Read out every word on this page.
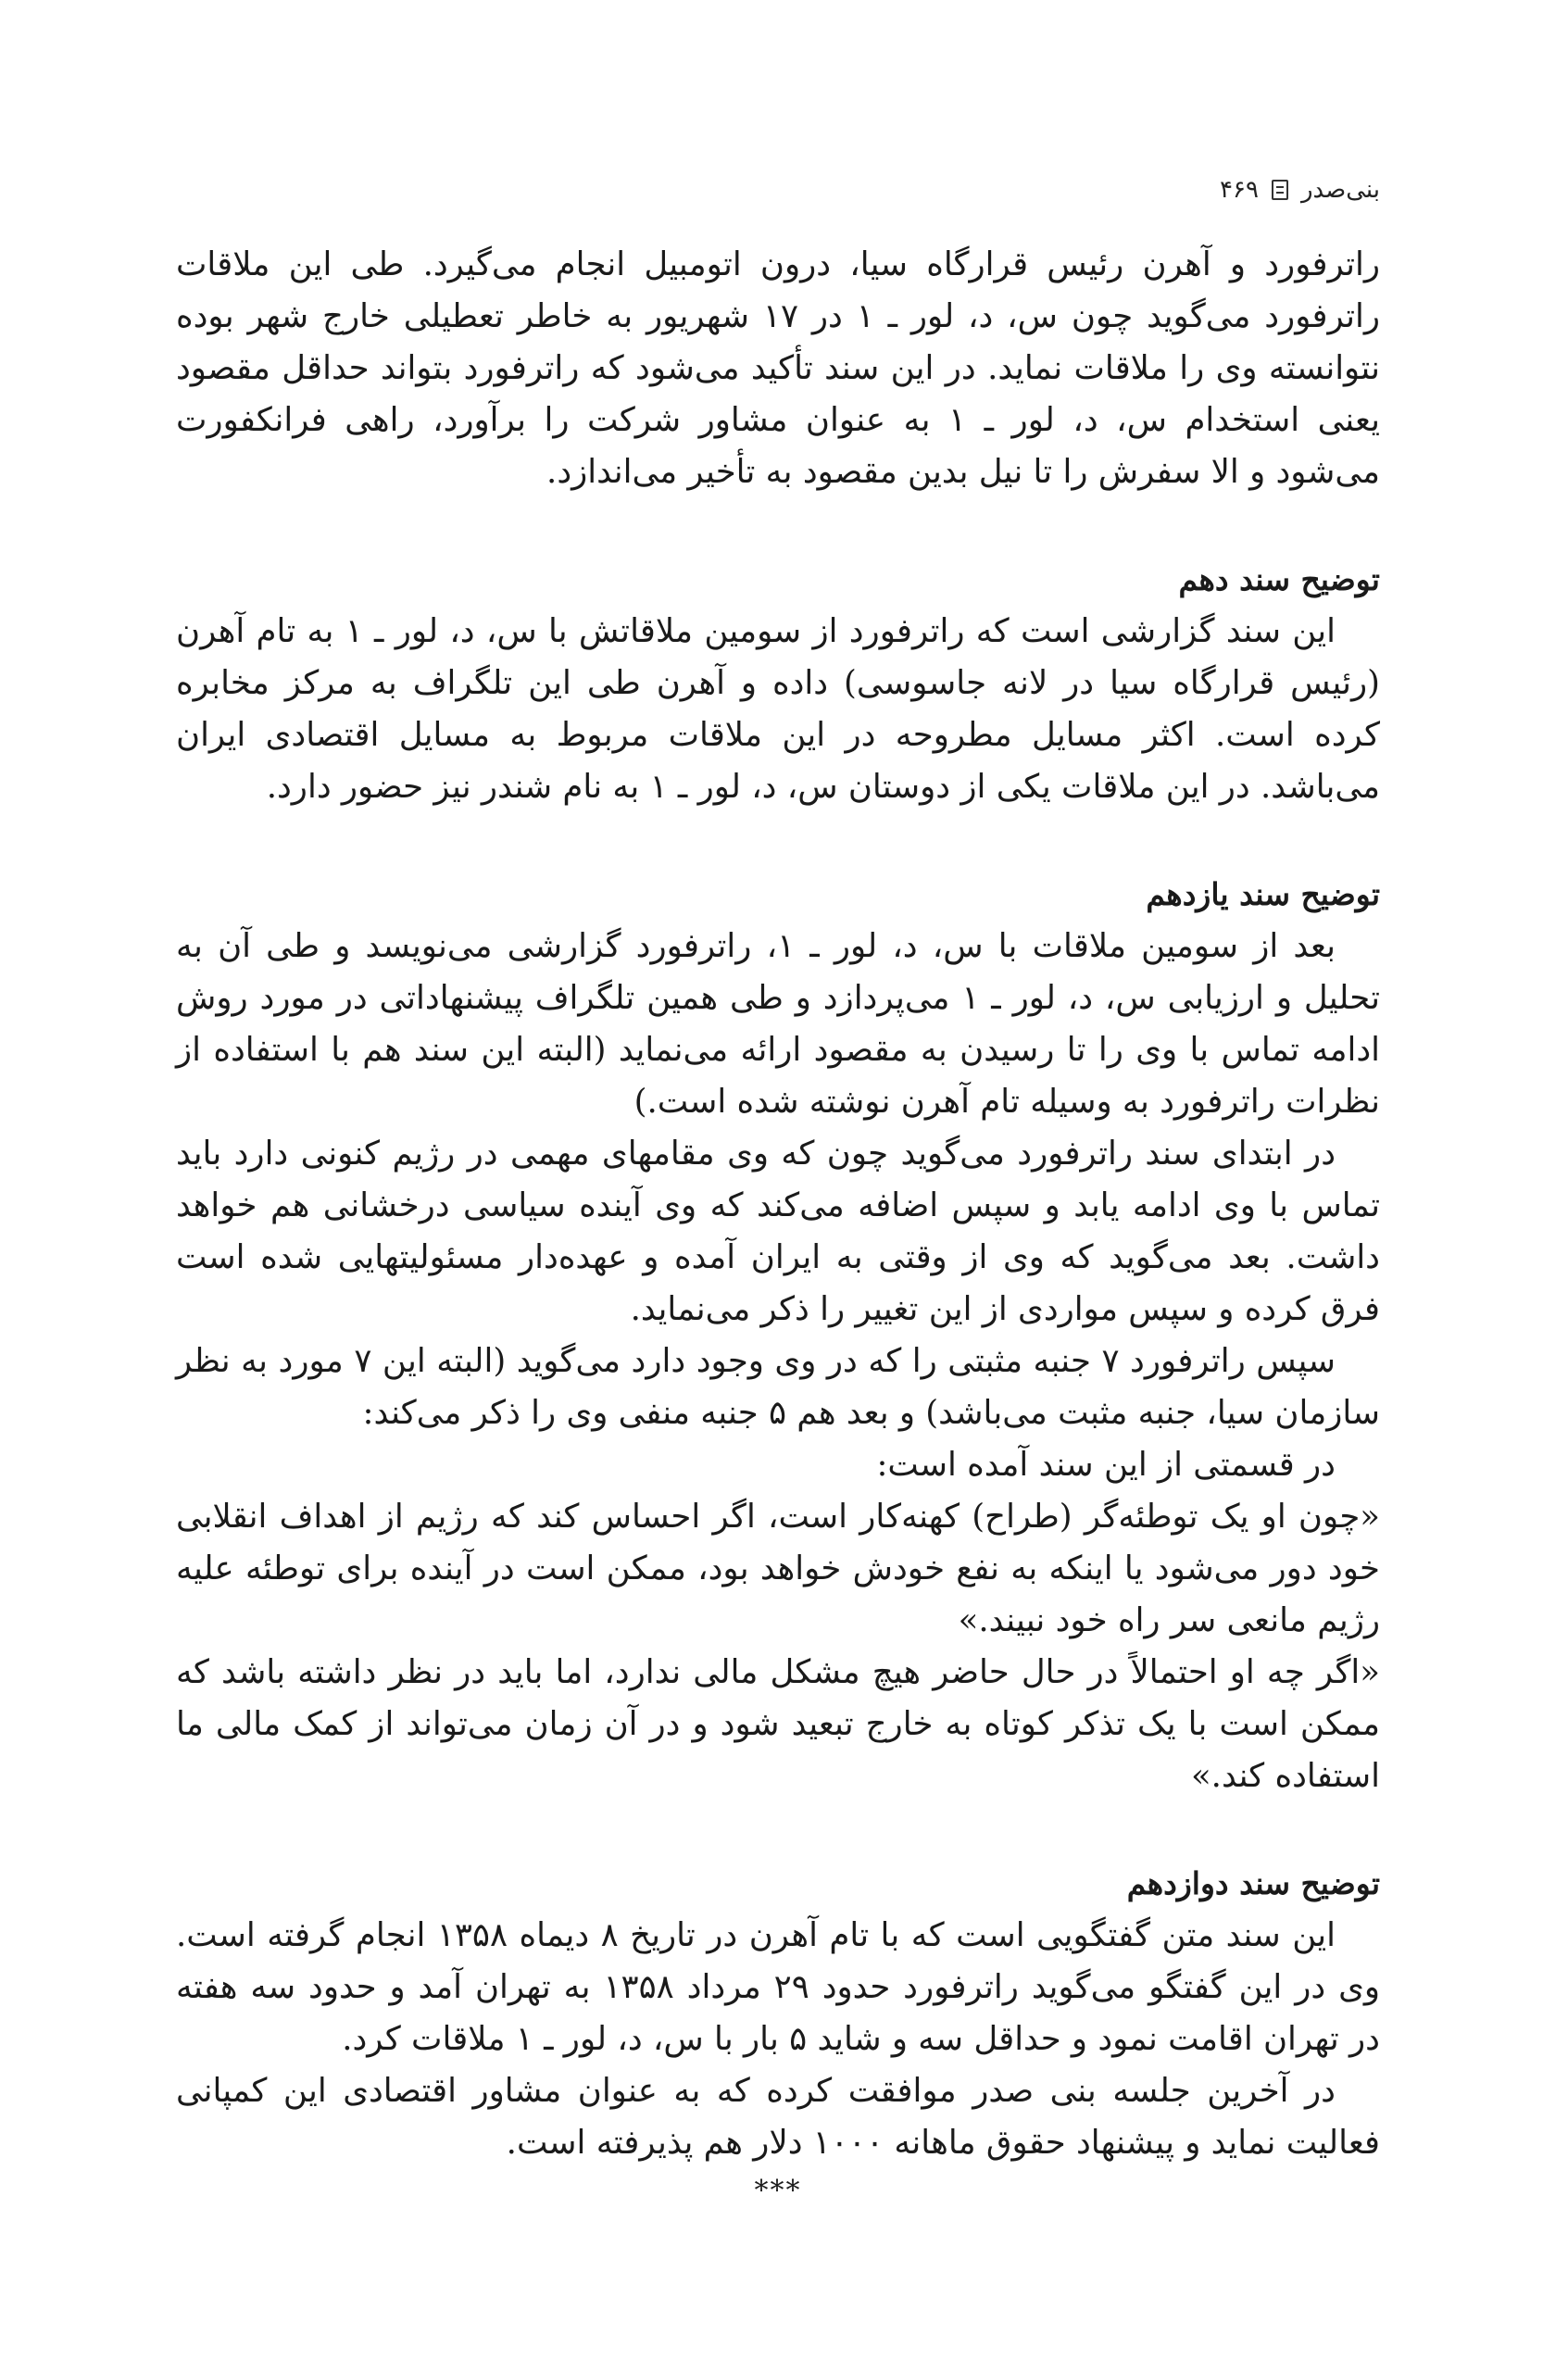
بنی‌صدر
۴۶۹

راترفورد و آهرن رئیس قرارگاه سیا، درون اتومبیل انجام می‌گیرد. طی این ملاقات راترفورد می‌گوید چون س، د، لور ـ ۱ در ۱۷ شهریور به خاطر تعطیلی خارج شهر بوده نتوانسته وی را ملاقات نماید. در این سند تأکید می‌شود که راترفورد بتواند حداقل مقصود یعنی استخدام س، د، لور ـ ۱ به عنوان مشاور شرکت را برآورد، راهی فرانکفورت می‌شود و الا سفرش را تا نیل بدین مقصود به تأخیر می‌اندازد.

توضیح سند دهم

این سند گزارشی است که راترفورد از سومین ملاقاتش با س، د، لور ـ ۱ به تام آهرن (رئیس قرارگاه سیا در لانه جاسوسی) داده و آهرن طی این تلگراف به مرکز مخابره کرده است. اکثر مسایل مطروحه در این ملاقات مربوط به مسایل اقتصادی ایران می‌باشد. در این ملاقات یکی از دوستان س، د، لور ـ ۱ به نام شندر نیز حضور دارد.

توضیح سند یازدهم

بعد از سومین ملاقات با س، د، لور ـ ۱، راترفورد گزارشی می‌نویسد و طی آن به تحلیل و ارزیابی س، د، لور ـ ۱ می‌پردازد و طی همین تلگراف پیشنهاداتی در مورد روش ادامه تماس با وی را تا رسیدن به مقصود ارائه می‌نماید (البته این سند هم با استفاده از نظرات راترفورد به وسیله تام آهرن نوشته شده است.)

در ابتدای سند راترفورد می‌گوید چون که وی مقامهای مهمی در رژیم کنونی دارد باید تماس با وی ادامه یابد و سپس اضافه می‌کند که وی آینده سیاسی درخشانی هم خواهد داشت. بعد می‌گوید که وی از وقتی به ایران آمده و عهده‌دار مسئولیتهایی شده است فرق کرده و سپس مواردی از این تغییر را ذکر می‌نماید.

سپس راترفورد ۷ جنبه مثبتی را که در وی وجود دارد می‌گوید (البته این ۷ مورد به نظر سازمان سیا، جنبه مثبت می‌باشد) و بعد هم ۵ جنبه منفی وی را ذکر می‌کند:

در قسمتی از این سند آمده است:

«چون او یک توطئه‌گر (طراح) کهنه‌کار است، اگر احساس کند که رژیم از اهداف انقلابی خود دور می‌شود یا اینکه به نفع خودش خواهد بود، ممکن است در آینده برای توطئه علیه رژیم مانعی سر راه خود نبیند.»

«اگر چه او احتمالاً در حال حاضر هیچ مشکل مالی ندارد، اما باید در نظر داشته باشد که ممکن است با یک تذکر کوتاه به خارج تبعید شود و در آن زمان می‌تواند از کمک مالی ما استفاده کند.»

توضیح سند دوازدهم

این سند متن گفتگویی است که با تام آهرن در تاریخ ۸ دیماه ۱۳۵۸ انجام گرفته است. وی در این گفتگو می‌گوید راترفورد حدود ۲۹ مرداد ۱۳۵۸ به تهران آمد و حدود سه هفته در تهران اقامت نمود و حداقل سه و شاید ۵ بار با س، د، لور ـ ۱ ملاقات کرد.

در آخرین جلسه بنی صدر موافقت کرده که به عنوان مشاور اقتصادی این کمپانی فعالیت نماید و پیشنهاد حقوق ماهانه ۱۰۰۰ دلار هم پذیرفته است.

***
